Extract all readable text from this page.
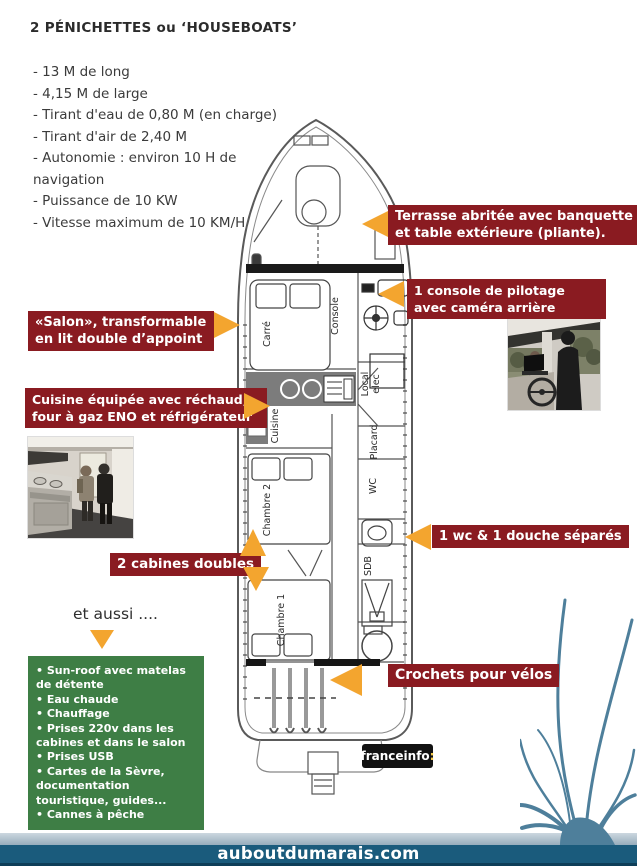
2 PÉNICHETTES ou ‘HOUSEBOATS’
- 13 M de long
- 4,15 M de large
- Tirant d'eau de 0,80 M (en charge)
- Tirant d'air de 2,40 M
- Autonomie : environ 10 H de navigation
- Puissance de 10 KW
- Vitesse maximum de 10 KM/H
Carré	Console
Local elec
Placard
Cuisine
WC
Chambre 2
SDB
Chambre 1
Terrasse abritée avec banquette et table extérieure (pliante).
1 console de pilotage avec caméra arrière
«Salon», transformable en lit double d’appoint
Cuisine équipée avec réchaud, four à gaz ENO et réfrigérateur
1 wc & 1 douche séparés
2 cabines doubles
Crochets pour vélos
et aussi ....
• Sun-roof avec matelas de détente
• Eau chaude
• Chauffage
• Prises 220v dans les cabines et dans le salon
• Prises USB
• Cartes de la Sèvre, documentation touristique, guides...
• Cannes à pêche
franceinfo :
auboutdumarais.com
